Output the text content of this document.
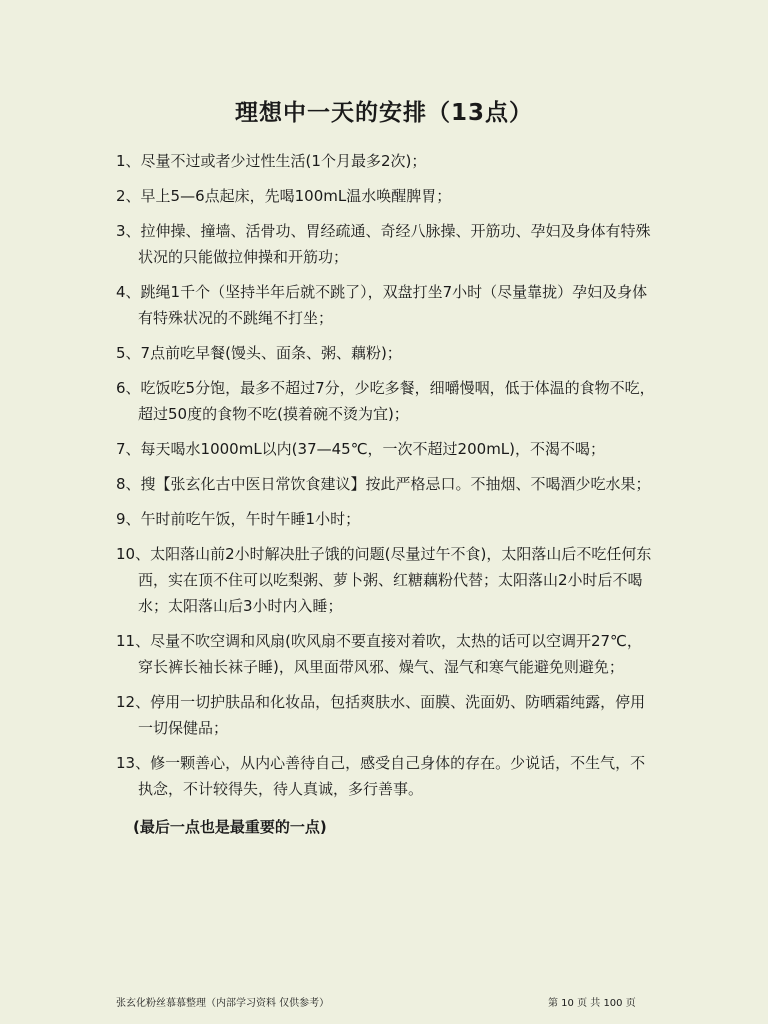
理想中一天的安排（13点）
1、尽量不过或者少过性生活(1个月最多2次)；
2、早上5—6点起床，先喝100mL温水唤醒脾胃；
3、拉伸操、撞墙、活骨功、胃经疏通、奇经八脉操、开筋功、孕妇及身体有特殊状况的只能做拉伸操和开筋功；
4、跳绳1千个（坚持半年后就不跳了），双盘打坐7小时（尽量靠拢）孕妇及身体有特殊状况的不跳绳不打坐；
5、7点前吃早餐(馒头、面条、粥、藕粉)；
6、吃饭吃5分饱，最多不超过7分，少吃多餐，细嚼慢咽，低于体温的食物不吃，超过50度的食物不吃(摸着碗不烫为宜)；
7、每天喝水1000mL以内(37—45℃，一次不超过200mL)，不渴不喝；
8、搜【张玄化古中医日常饮食建议】按此严格忌口。不抽烟、不喝酒少吃水果；
9、午时前吃午饭，午时午睡1小时；
10、太阳落山前2小时解决肚子饿的问题(尽量过午不食)，太阳落山后不吃任何东西，实在顶不住可以吃梨粥、萝卜粥、红糖藕粉代替；太阳落山2小时后不喝水；太阳落山后3小时内入睡；
11、尽量不吹空调和风扇(吹风扇不要直接对着吹，太热的话可以空调开27℃，穿长裤长袖长袜子睡)，风里面带风邪、燥气、湿气和寒气能避免则避免；
12、停用一切护肤品和化妆品，包括爽肤水、面膜、洗面奶、防晒霜纯露，停用一切保健品；
13、修一颗善心，从内心善待自己，感受自己身体的存在。少说话，不生气，不执念，不计较得失，待人真诚，多行善事。
(最后一点也是最重要的一点)
张玄化粉丝慕慕整理（内部学习资料 仅供参考）	第 10 页 共 100 页
